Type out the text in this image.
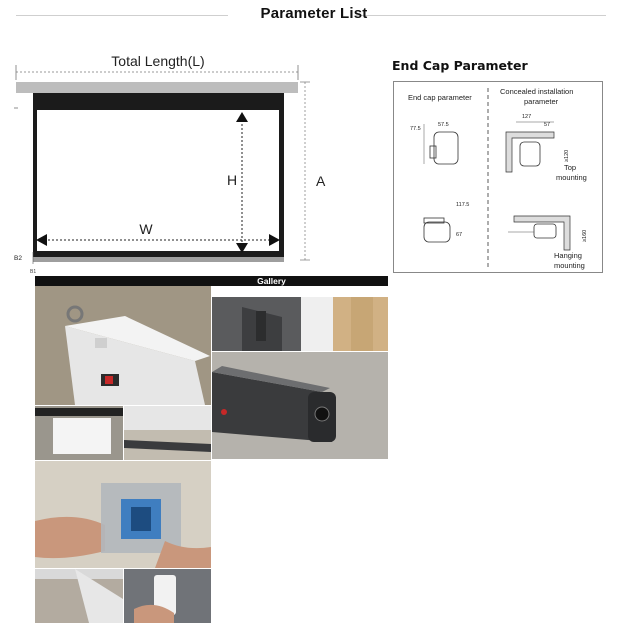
Parameter List
Total Length(L)
A
H
W
B2
B1
End Cap Parameter
End cap parameter
Concealed installation
parameter
77.5
57.5
117.5
67
127
57
≥120
Top
mounting
≥160
Hanging
mounting
Gallery
